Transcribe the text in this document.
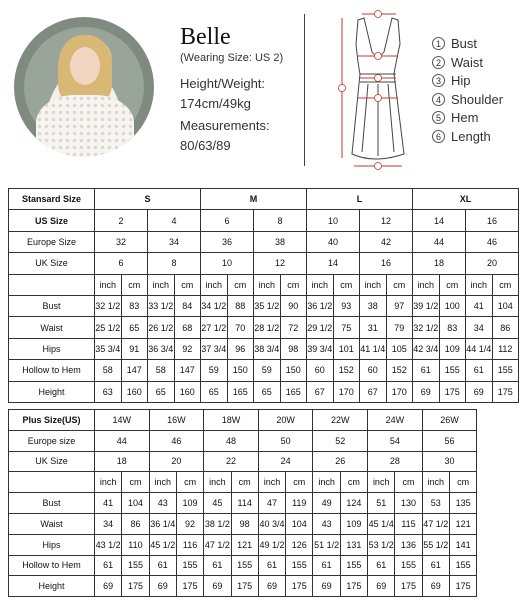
Belle
(Wearing Size: US 2)
Height/Weight:
174cm/49kg
Measurements:
80/63/89
1 Bust
2 Waist
3 Hip
4 Shoulder
5 Hem
6 Length
Stansard Size	S				M				L				XL			
US Size	2		4		6		8		10		12		14		16	
Europe Size	32		34		36		38		40		42		44		46	
UK Size	6		8		10		12		14		16		18		20	
	inch	cm	inch	cm	inch	cm	inch	cm	inch	cm	inch	cm	inch	cm	inch	cm
Bust	32 1/2	83	33 1/2	84	34 1/2	88	35 1/2	90	36 1/2	93	38	97	39 1/2	100	41	104
Waist	25 1/2	65	26 1/2	68	27 1/2	70	28 1/2	72	29 1/2	75	31	79	32 1/2	83	34	86
Hips	35 3/4	91	36 3/4	92	37 3/4	96	38 3/4	98	39 3/4	101	41 1/4	105	42 3/4	109	44 1/4	112
Hollow to Hem	58	147	58	147	59	150	59	150	60	152	60	152	61	155	61	155
Height	63	160	65	160	65	165	65	165	67	170	67	170	69	175	69	175
Plus Size(US)	14W		16W		18W		20W		22W		24W		26W	
Europe size	44		46		48		50		52		54		56	
UK Size	18		20		22		24		26		28		30	
	inch	cm	inch	cm	inch	cm	inch	cm	inch	cm	inch	cm	inch	cm
Bust	41	104	43	109	45	114	47	119	49	124	51	130	53	135
Waist	34	86	36 1/4	92	38 1/2	98	40 3/4	104	43	109	45 1/4	115	47 1/2	121
Hips	43 1/2	110	45 1/2	116	47 1/2	121	49 1/2	126	51 1/2	131	53 1/2	136	55 1/2	141
Hollow to Hem	61	155	61	155	61	155	61	155	61	155	61	155	61	155
Height	69	175	69	175	69	175	69	175	69	175	69	175	69	175
